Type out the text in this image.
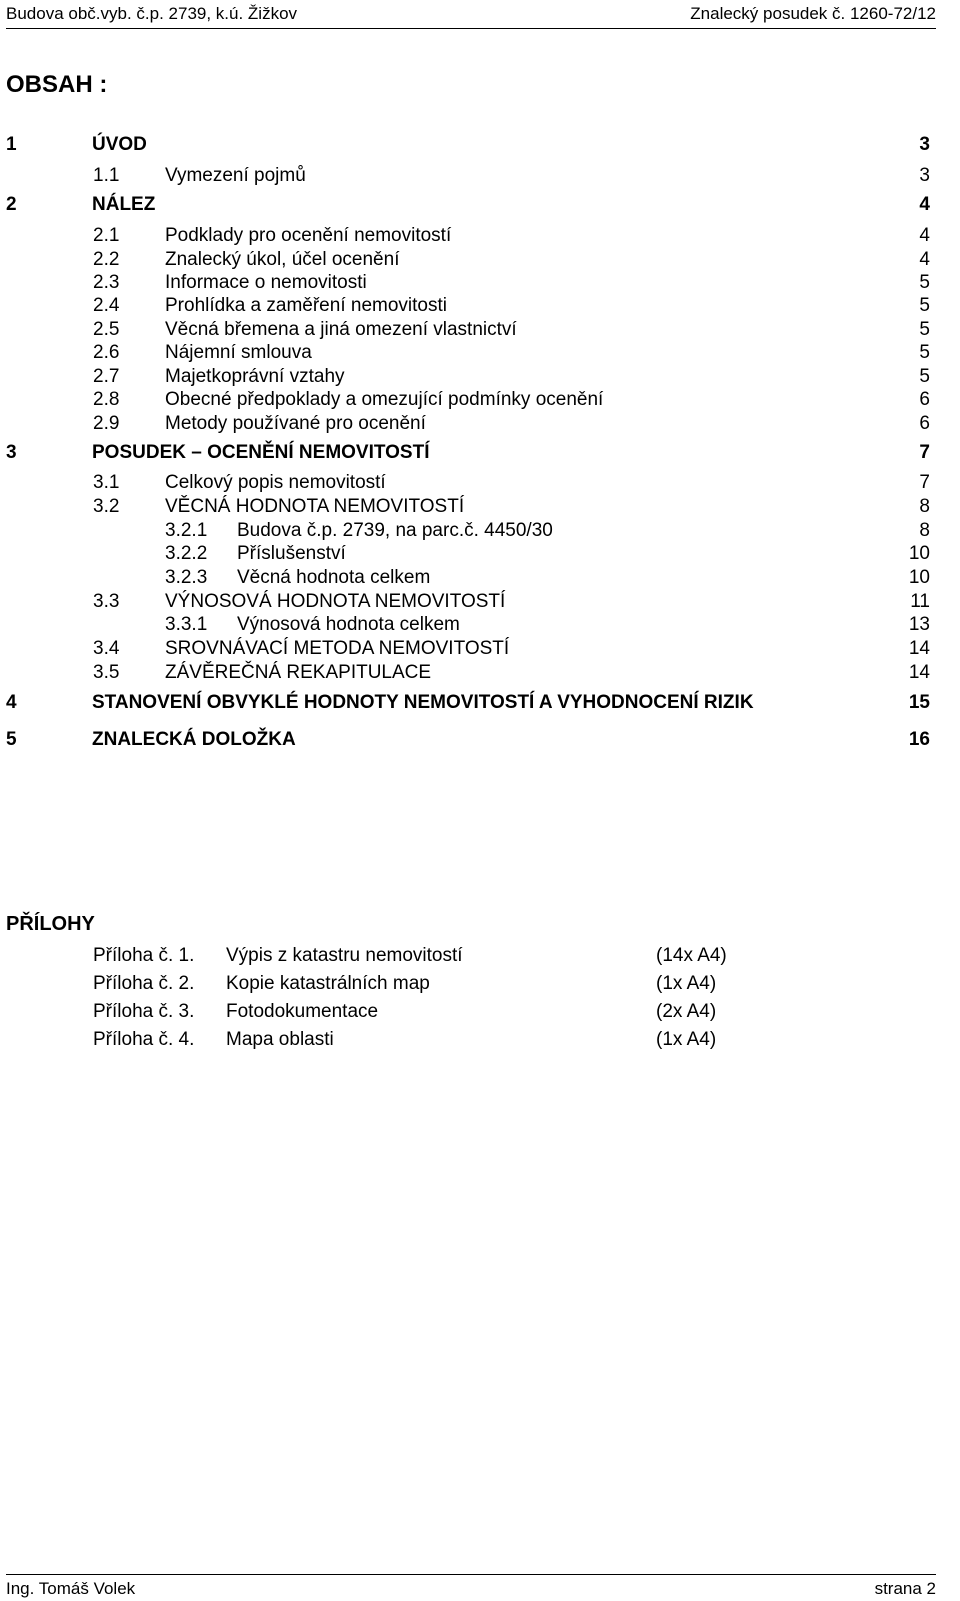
Budova obč.vyb. č.p. 2739, k.ú. Žižkov	Znalecký posudek č. 1260-72/12
OBSAH :
1	ÚVOD	3
1.1 Vymezení pojmů	3
2	NÁLEZ	4
2.1 Podklady pro ocenění nemovitostí	4
2.2 Znalecký úkol, účel ocenění	4
2.3 Informace o nemovitosti	5
2.4 Prohlídka a zaměření nemovitosti	5
2.5 Věcná břemena a jiná omezení vlastnictví	5
2.6 Nájemní smlouva	5
2.7 Majetkoprávní vztahy	5
2.8 Obecné předpoklady a omezující podmínky ocenění	6
2.9 Metody používané pro ocenění	6
3	POSUDEK – OCENĚNÍ NEMOVITOSTÍ	7
3.1 Celkový popis nemovitostí	7
3.2 VĚCNÁ HODNOTA NEMOVITOSTÍ	8
3.2.1 Budova č.p. 2739, na parc.č. 4450/30	8
3.2.2 Příslušenství	10
3.2.3 Věcná hodnota celkem	10
3.3 VÝNOSOVÁ HODNOTA NEMOVITOSTÍ	11
3.3.1 Výnosová hodnota celkem	13
3.4 SROVNÁVACÍ METODA NEMOVITOSTÍ	14
3.5 ZÁVĚREČNÁ REKAPITULACE	14
4	STANOVENÍ OBVYKLÉ HODNOTY NEMOVITOSTÍ A VYHODNOCENÍ RIZIK	15
5	ZNALECKÁ DOLOŽKA	16
PŘÍLOHY
Příloha č. 1. Výpis z katastru nemovitostí	(14x A4)
Příloha č. 2. Kopie katastrálních map	(1x A4)
Příloha č. 3. Fotodokumentace	(2x A4)
Příloha č. 4. Mapa oblasti	(1x A4)
Ing. Tomáš Volek	strana 2
